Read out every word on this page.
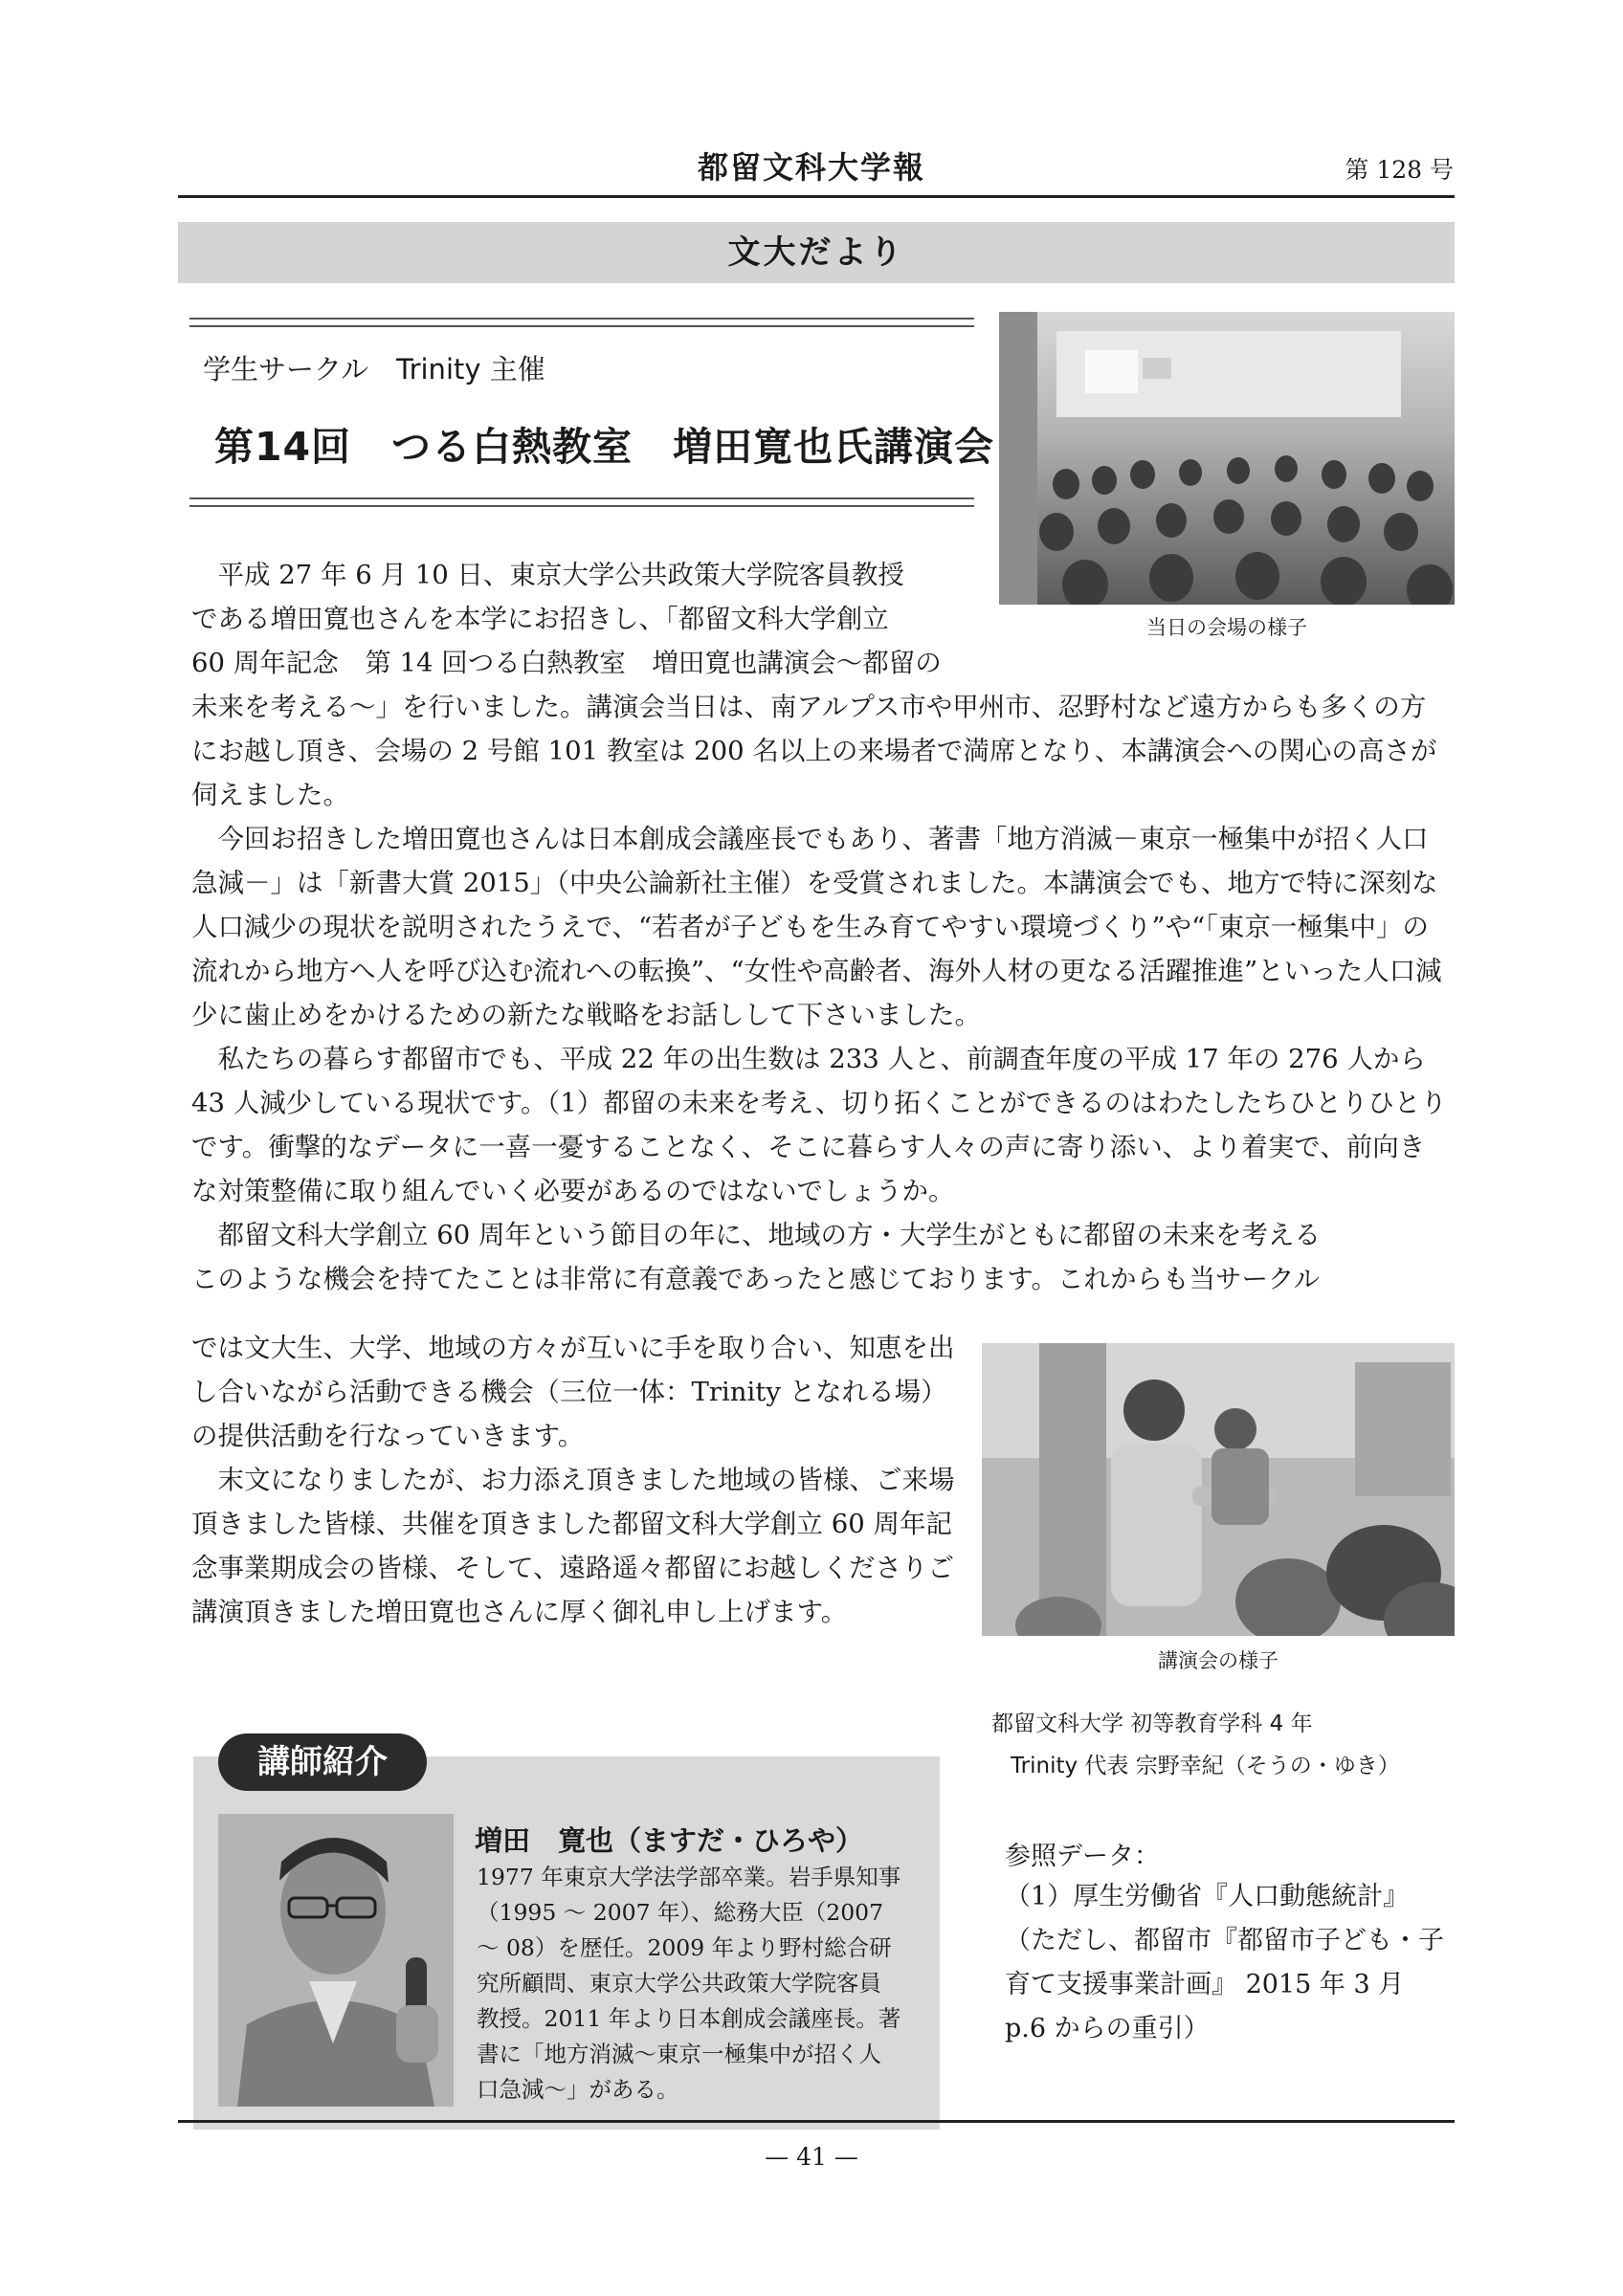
都留文科大学報	第 128 号
文大だより
学生サークル　Trinity 主催
第14回　つる白熱教室　増田寛也氏講演会
当日の会場の様子
平成 27 年 6 月 10 日、東京大学公共政策大学院客員教授
である増田寛也さんを本学にお招きし、「都留文科大学創立
60 周年記念　第 14 回つる白熱教室　増田寛也講演会～都留の
未来を考える～」を行いました。講演会当日は、南アルプス市や甲州市、忍野村など遠方からも多くの方にお越し頂き、会場の 2 号館 101 教室は 200 名以上の来場者で満席となり、本講演会への関心の高さが伺えました。

今回お招きした増田寛也さんは日本創成会議座長でもあり、著書「地方消滅－東京一極集中が招く人口急減－」は「新書大賞 2015」（中央公論新社主催）を受賞されました。本講演会でも、地方で特に深刻な人口減少の現状を説明されたうえで、“若者が子どもを生み育てやすい環境づくり”や“「東京一極集中」の流れから地方へ人を呼び込む流れへの転換”、“女性や高齢者、海外人材の更なる活躍推進”といった人口減少に歯止めをかけるための新たな戦略をお話しして下さいました。

私たちの暮らす都留市でも、平成 22 年の出生数は 233 人と、前調査年度の平成 17 年の 276 人から 43 人減少している現状です。（1）都留の未来を考え、切り拓くことができるのはわたしたちひとりひとりです。衝撃的なデータに一喜一憂することなく、そこに暮らす人々の声に寄り添い、より着実で、前向きな対策整備に取り組んでいく必要があるのではないでしょうか。

都留文科大学創立 60 周年という節目の年に、地域の方・大学生がともに都留の未来を考える

このような機会を持てたことは非常に有意義であったと感じております。これからも当サークル
では文大生、大学、地域の方々が互いに手を取り合い、知恵を出し合いながら活動できる機会（三位一体：Trinity となれる場）の提供活動を行なっていきます。

末文になりましたが、お力添え頂きました地域の皆様、ご来場頂きました皆様、共催を頂きました都留文科大学創立 60 周年記念事業期成会の皆様、そして、遠路遥々都留にお越しくださりご講演頂きました増田寛也さんに厚く御礼申し上げます。

講演会の様子
都留文科大学 初等教育学科 4 年
Trinity 代表 宗野幸紀（そうの・ゆき）
講師紹介
増田　寛也（ますだ・ひろや）
1977 年東京大学法学部卒業。岩手県知事（1995 ～ 2007 年）、総務大臣（2007 ～ 08）を歴任。2009 年より野村総合研究所顧問、東京大学公共政策大学院客員教授。2011 年より日本創成会議座長。著書に「地方消滅～東京一極集中が招く人口急減～」がある。
参照データ：
（1）厚生労働省『人口動態統計』（ただし、都留市『都留市子ども・子育て支援事業計画』 2015 年 3 月　p.6 からの重引）
— 41 —
